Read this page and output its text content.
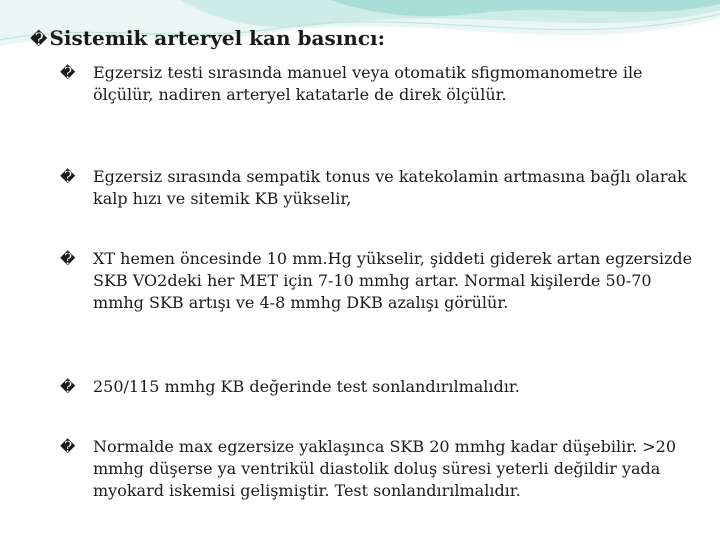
� Sistemik arteryel kan basıncı:
�	Egzersiz testi sırasında manuel veya otomatik sfigmomanometre ile ölçülür, nadiren arteryel katatarle de direk ölçülür.
�	Egzersiz sırasında sempatik tonus ve katekolamin artmasına bağlı olarak kalp hızı ve sitemik KB yükselir,
�	XT hemen öncesinde 10 mm.Hg yükselir, şiddeti giderek artan egzersizde SKB VO2deki her MET için 7-10 mmhg artar. Normal kişilerde 50-70 mmhg SKB artışı ve 4-8 mmhg DKB azalışı görülür.
�	250/115 mmhg KB değerinde test sonlandırılmalıdır.
�	Normalde max egzersize yaklaşınca SKB 20 mmhg kadar düşebilir. >20 mmhg düşerse ya ventrikül diastolik doluş süresi yeterli değildir yada myokard iskemisi gelişmiştir. Test sonlandırılmalıdır.
